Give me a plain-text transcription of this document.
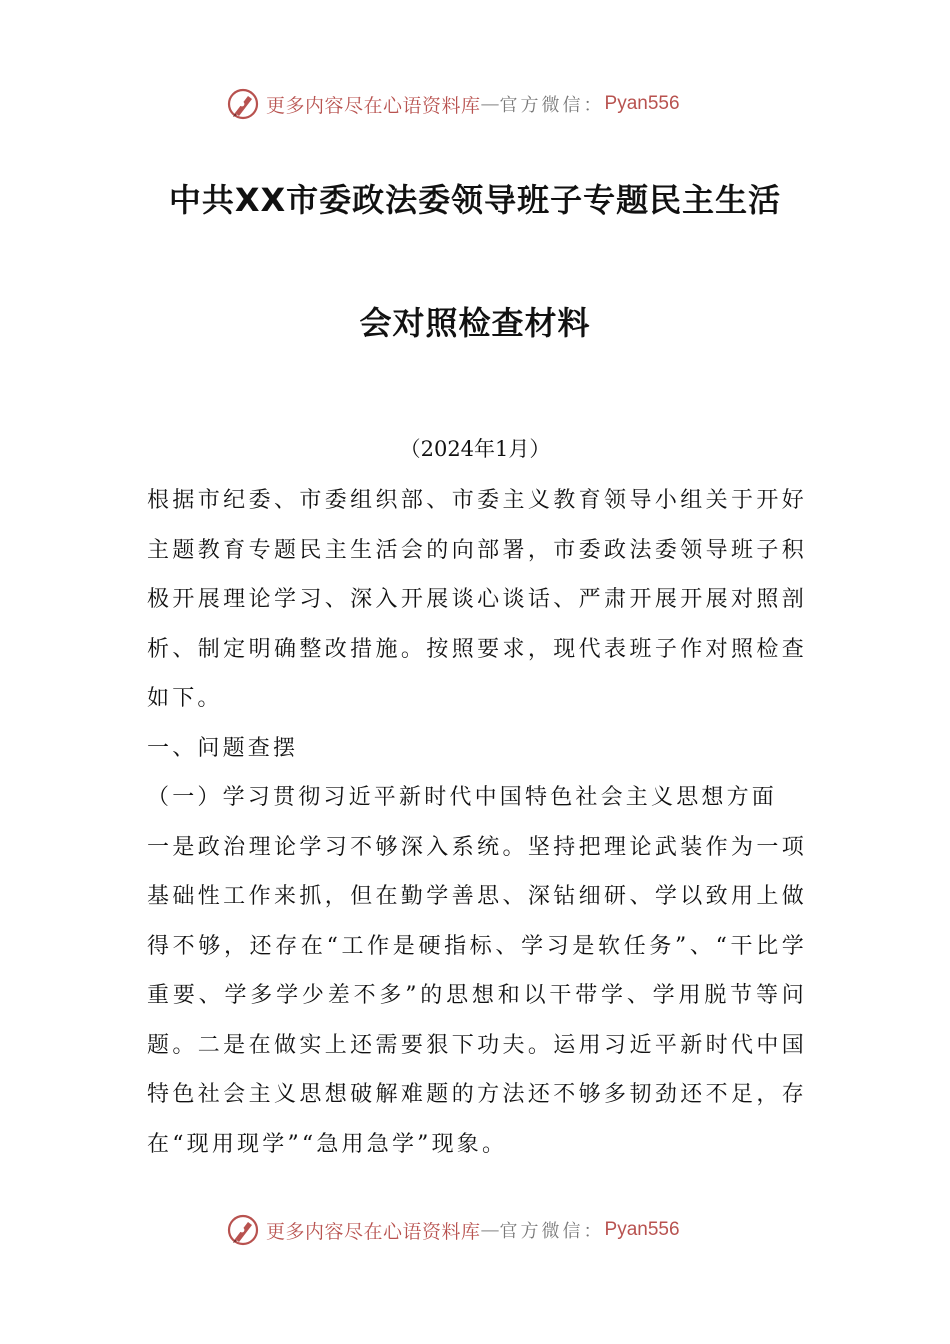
更多内容尽在心语资料库 — 官方微信： Pyan556
中共XX市委政法委领导班子专题民主生活
会对照检查材料
（2024年1月）

根据市纪委、市委组织部、市委主义教育领导小组关于开好主题教育专题民主生活会的向部署，市委政法委领导班子积极开展理论学习、深入开展谈心谈话、严肃开展开展对照剖析、制定明确整改措施。按照要求，现代表班子作对照检查如下。

一、问题查摆

（一）学习贯彻习近平新时代中国特色社会主义思想方面

一是政治理论学习不够深入系统。坚持把理论武装作为一项基础性工作来抓，但在勤学善思、深钻细研、学以致用上做得不够，还存在“工作是硬指标、学习是软任务”、“干比学重要、学多学少差不多”的思想和以干带学、学用脱节等问题。二是在做实上还需要狠下功夫。运用习近平新时代中国特色社会主义思想破解难题的方法还不够多韧劲还不足，存在“现用现学”“急用急学”现象。

更多内容尽在心语资料库 — 官方微信： Pyan556
